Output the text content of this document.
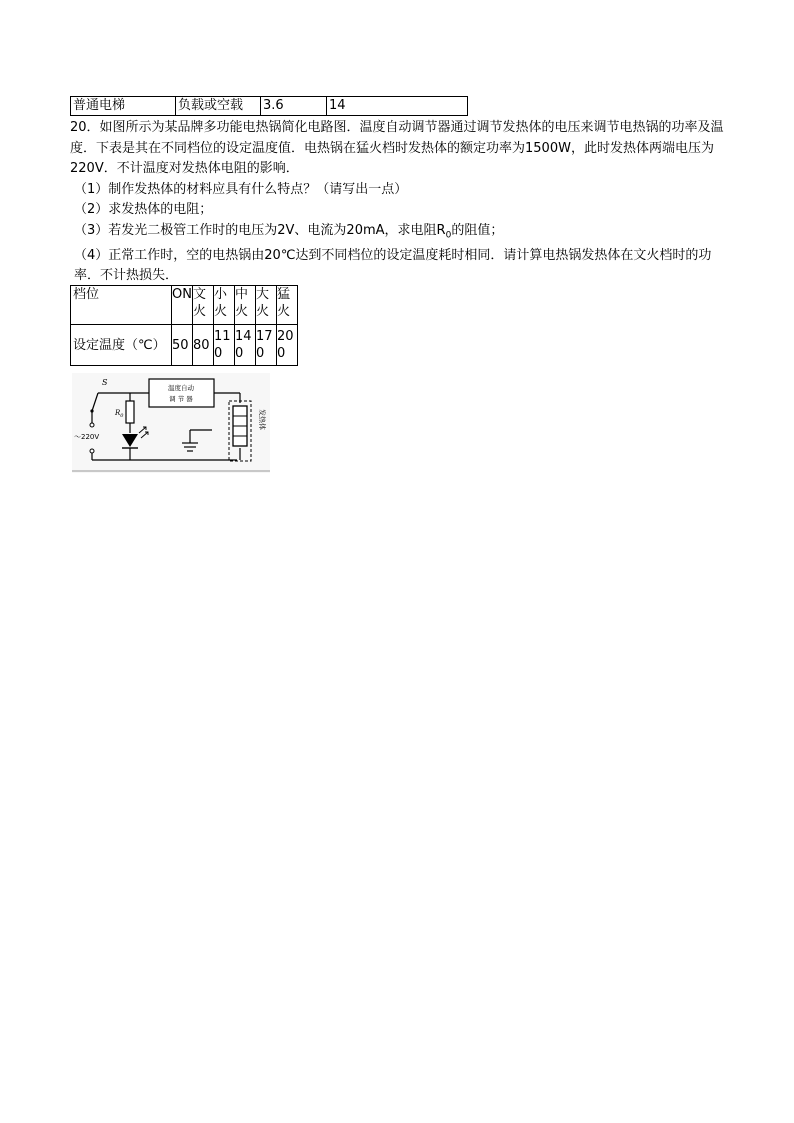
普通电梯	负载或空载	3.6	14

20．如图所示为某品牌多功能电热锅简化电路图．温度自动调节器通过调节发热体的电压来调节电热锅的功率及温度．下表是其在不同档位的设定温度值．电热锅在猛火档时发热体的额定功率为1500W，此时发热体两端电压为220V．不计温度对发热体电阻的影响．

（1）制作发热体的材料应具有什么特点？（请写出一点）

（2）求发热体的电阻；

（3）若发光二极管工作时的电压为2V、电流为20mA，求电阻$R_0$的阻值；

（4）正常工作时，空的电热锅由20℃达到不同档位的设定温度耗时相同．请计算电热锅发热体在文火档时的功率．不计热损失．

档位	ON	文火	小火	中火	大火	猛火
设定温度（℃）	50	80	110	140	170	200
S
$R_0$
～220V
温度自动
调 节 器
发热体
